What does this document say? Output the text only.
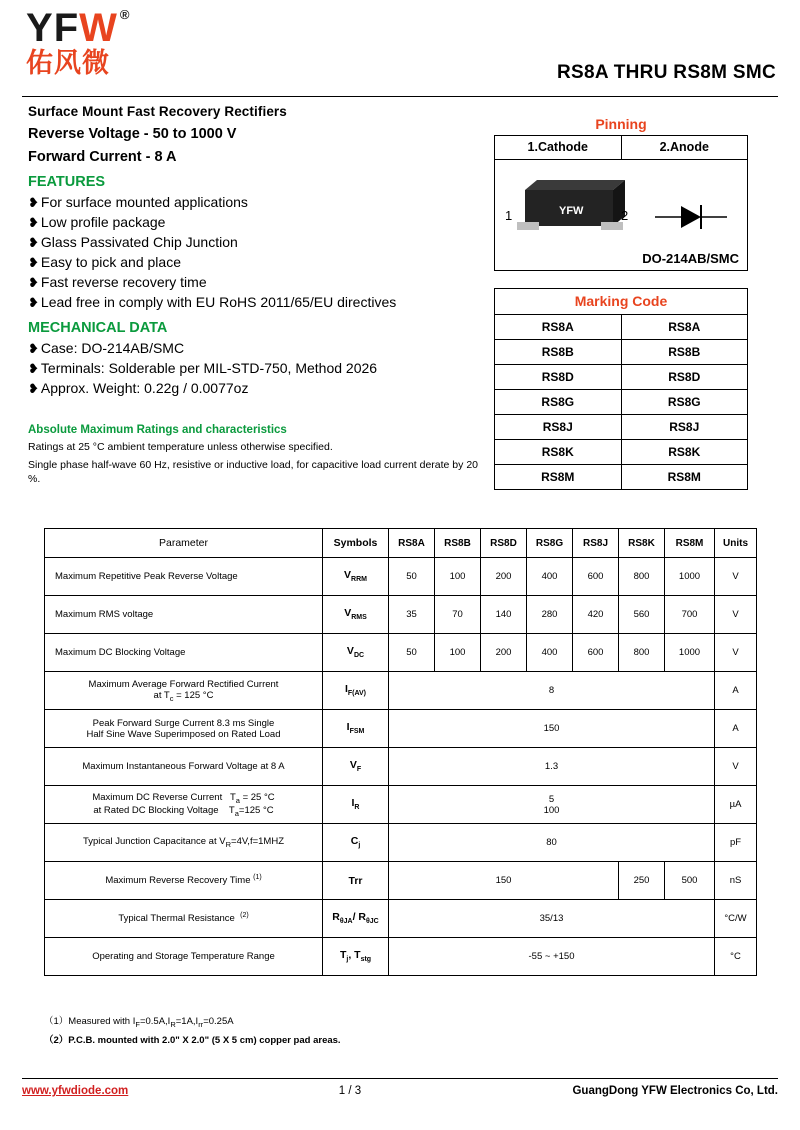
Y F W ®
佑风微	RS8A THRU RS8M SMC
Surface Mount Fast Recovery Rectifiers
Reverse Voltage - 50 to 1000 V
Forward Current - 8 A
FEATURES
❥ For surface mounted applications
❥ Low profile package
❥ Glass Passivated Chip Junction
❥ Easy to pick and place
❥ Fast reverse recovery time
❥ Lead free in comply with EU RoHS 2011/65/EU directives
MECHANICAL DATA
❥ Case: DO-214AB/SMC
❥ Terminals: Solderable per MIL-STD-750, Method 2026
❥ Approx. Weight: 0.22g / 0.0077oz
Absolute Maximum Ratings and characteristics
Ratings at 25 °C ambient temperature unless otherwise specified.
Single phase half-wave 60 Hz, resistive or inductive load, for capacitive load current derate by 20 %.
Pinning
1.Cathode	2.Anode
YFW
1	2
DO-214AB/SMC
Marking Code
RS8A	RS8A
RS8B	RS8B
RS8D	RS8D
RS8G	RS8G
RS8J	RS8J
RS8K	RS8K
RS8M	RS8M
Parameter	Symbols	RS8A	RS8B	RS8D	RS8G	RS8J	RS8K	RS8M	Units
Maximum Repetitive Peak Reverse Voltage	$V_{RRM}$	50	100	200	400	600	800	1000	V
Maximum RMS voltage	$V_{RMS}$	35	70	140	280	420	560	700	V
Maximum DC Blocking Voltage	$V_{DC}$	50	100	200	400	600	800	1000	V
Maximum Average Forward Rectified Current
at $T_c = 125$ °C	$I_{F(AV)}$	8							A
Peak Forward Surge Current 8.3 ms Single
Half Sine Wave Superimposed on Rated Load	$I_{FSM}$	150							A
Maximum Instantaneous Forward Voltage at 8 A	$V_F$	1.3							V
Maximum DC Reverse Current   $T_a = 25$ °C
at Rated DC Blocking Voltage    $T_a=125$ °C	$I_R$	5
100							µA
Typical Junction Capacitance at $V_R=4V,f=1MHZ$	$C_j$	80							pF
Maximum Reverse Recovery Time $^{(1)}$	Trr	150					250	500	nS
Typical Thermal Resistance  $^{(2)}$	$R_{\theta JA}/$ $R_{\theta JC}$	35/13							°C/W
Operating and Storage Temperature Range	$T_j$, $T_{stg}$	-55 ~ +150							°C
（1）Measured with $I_F=0.5A,I_R=1A,I_{rr}=0.25A$
（2）P.C.B. mounted with 2.0" X 2.0" (5 X 5 cm) copper pad areas.
www.yfwdiode.com	1 / 3	GuangDong YFW Electronics Co, Ltd.
